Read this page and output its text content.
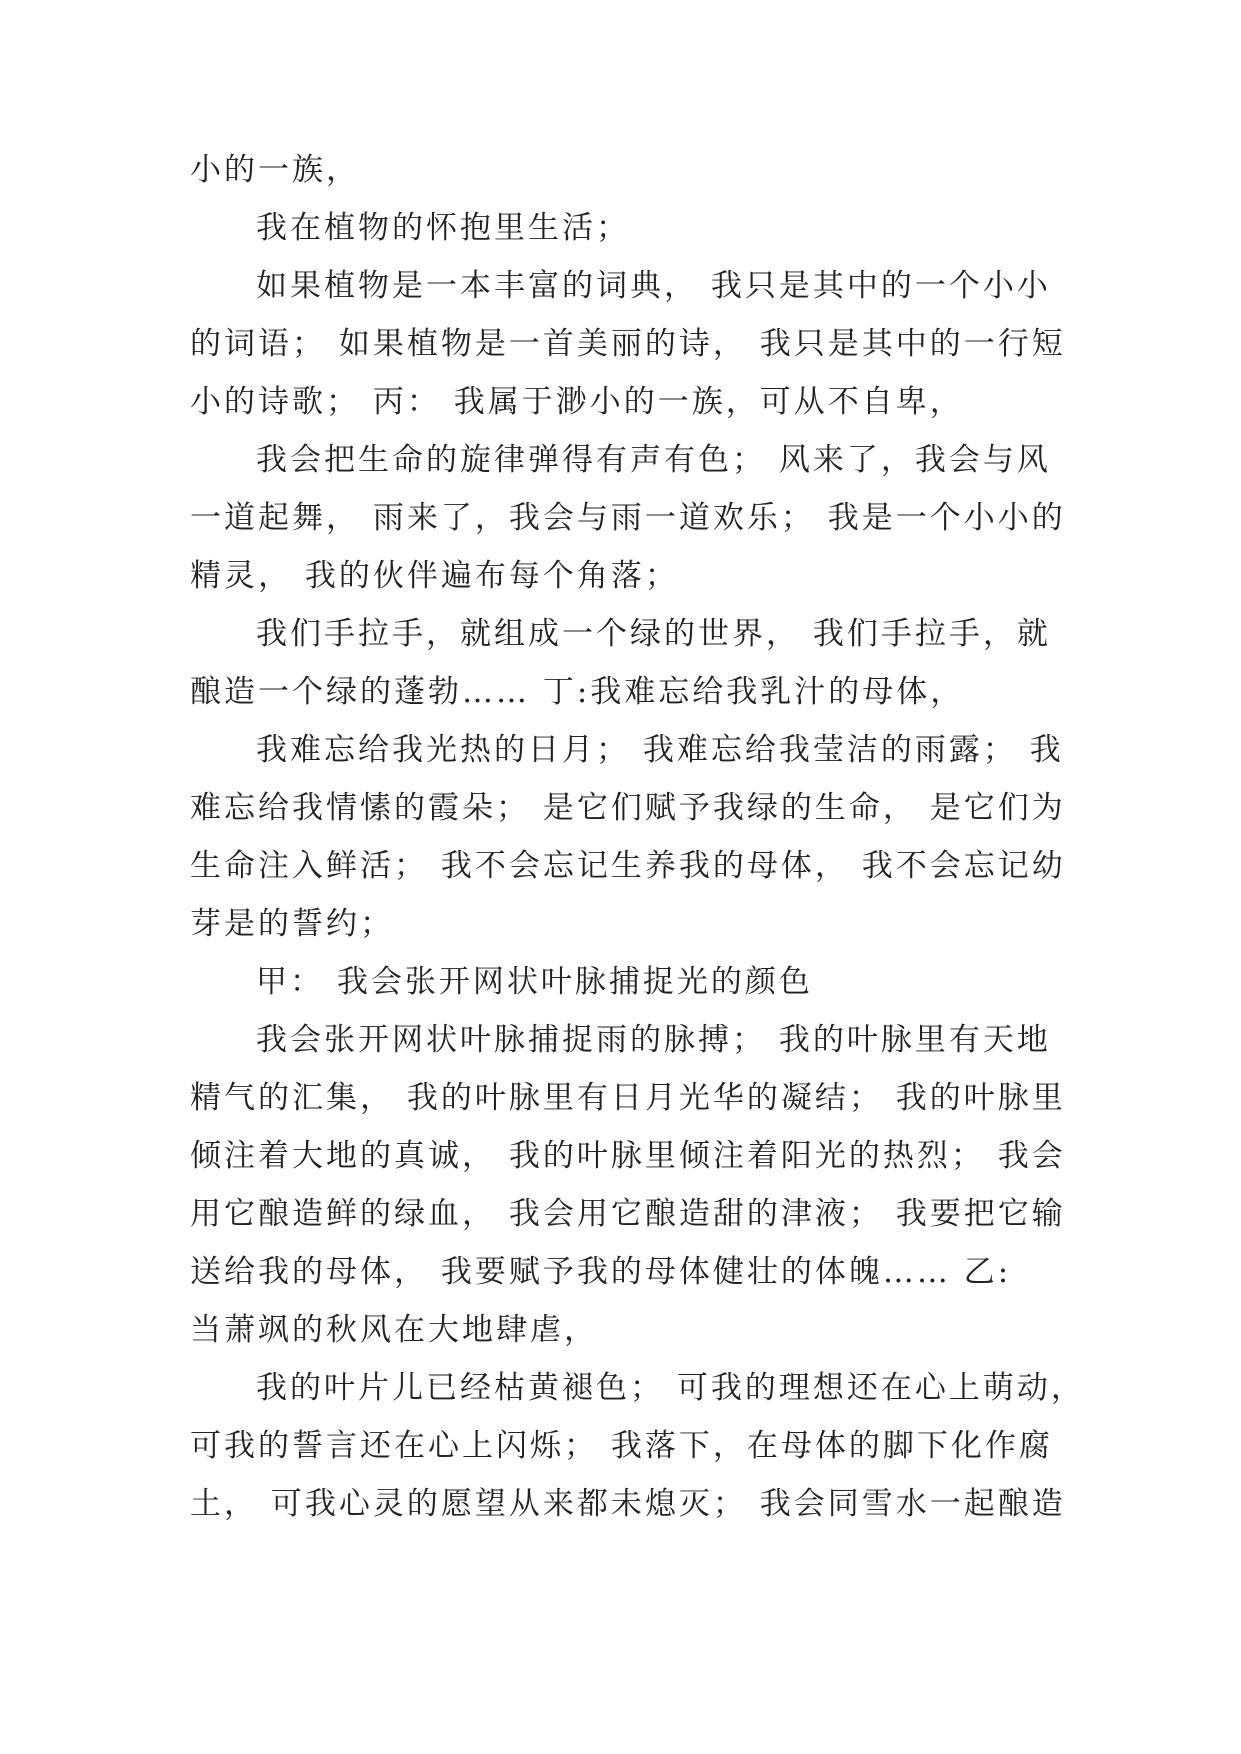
小的一族，
我在植物的怀抱里生活；
如果植物是一本丰富的词典， 我只是其中的一个小小
的词语； 如果植物是一首美丽的诗， 我只是其中的一行短
小的诗歌； 丙： 我属于渺小的一族，可从不自卑，
我会把生命的旋律弹得有声有色； 风来了，我会与风
一道起舞， 雨来了，我会与雨一道欢乐； 我是一个小小的
精灵， 我的伙伴遍布每个角落；
我们手拉手，就组成一个绿的世界， 我们手拉手，就
酿造一个绿的蓬勃…… 丁:我难忘给我乳汁的母体，
我难忘给我光热的日月； 我难忘给我莹洁的雨露； 我
难忘给我情愫的霞朵； 是它们赋予我绿的生命， 是它们为
生命注入鲜活； 我不会忘记生养我的母体， 我不会忘记幼
芽是的誓约；
甲： 我会张开网状叶脉捕捉光的颜色
我会张开网状叶脉捕捉雨的脉搏； 我的叶脉里有天地
精气的汇集， 我的叶脉里有日月光华的凝结； 我的叶脉里
倾注着大地的真诚， 我的叶脉里倾注着阳光的热烈； 我会
用它酿造鲜的绿血， 我会用它酿造甜的津液； 我要把它输
送给我的母体， 我要赋予我的母体健壮的体魄…… 乙:
当萧飒的秋风在大地肆虐，
我的叶片儿已经枯黄褪色； 可我的理想还在心上萌动，
可我的誓言还在心上闪烁； 我落下，在母体的脚下化作腐
土， 可我心灵的愿望从来都未熄灭； 我会同雪水一起酿造
